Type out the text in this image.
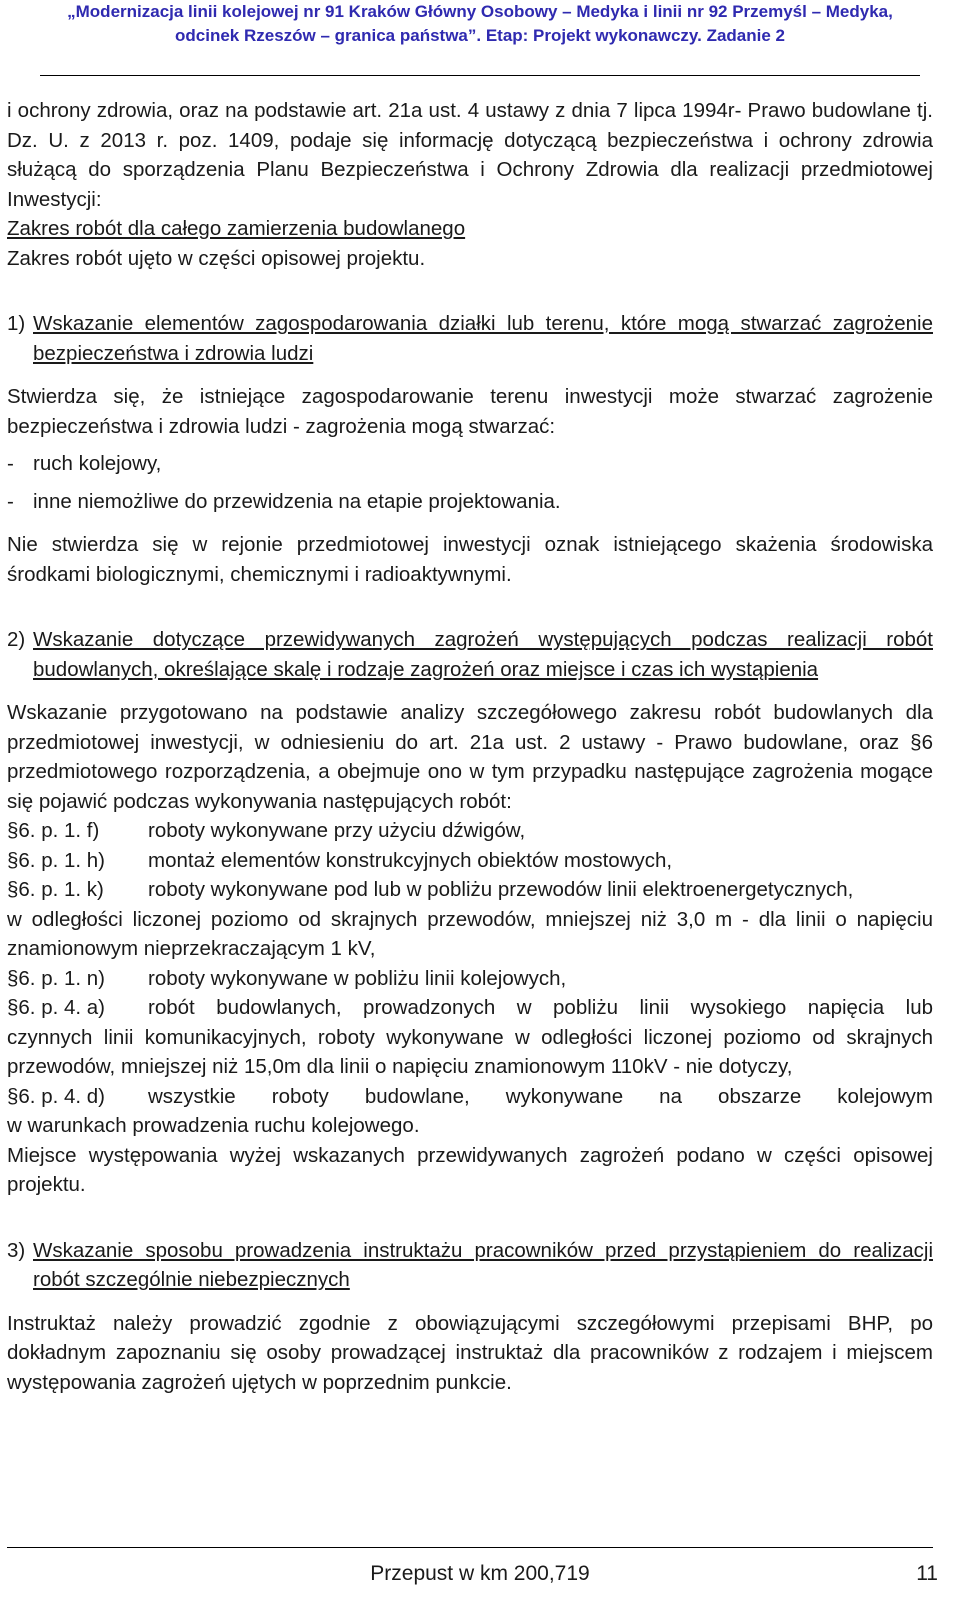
„Modernizacja linii kolejowej nr 91 Kraków Główny Osobowy – Medyka i linii nr 92 Przemyśl – Medyka,
odcinek Rzeszów – granica państwa”. Etap: Projekt wykonawczy. Zadanie 2

i ochrony zdrowia, oraz na podstawie art. 21a ust. 4 ustawy z dnia 7 lipca 1994r- Prawo budowlane tj. Dz. U. z 2013 r. poz. 1409, podaje się informację dotyczącą bezpieczeństwa i ochrony zdrowia służącą do sporządzenia Planu Bezpieczeństwa i Ochrony Zdrowia dla realizacji przedmiotowej Inwestycji:

Zakres robót dla całego zamierzenia budowlanego

Zakres robót ujęto w części opisowej projektu.

1) Wskazanie elementów zagospodarowania działki lub terenu, które mogą stwarzać zagrożenie bezpieczeństwa i zdrowia ludzi

Stwierdza się, że istniejące zagospodarowanie terenu inwestycji może stwarzać zagrożenie bezpieczeństwa i zdrowia ludzi - zagrożenia mogą stwarzać:

- ruch kolejowy,
- inne niemożliwe do przewidzenia na etapie projektowania.

Nie stwierdza się w rejonie przedmiotowej inwestycji oznak istniejącego skażenia środowiska środkami biologicznymi, chemicznymi i radioaktywnymi.

2) Wskazanie dotyczące przewidywanych zagrożeń występujących podczas realizacji robót budowlanych, określające skalę i rodzaje zagrożeń oraz miejsce i czas ich wystąpienia

Wskazanie przygotowano na podstawie analizy szczegółowego zakresu robót budowlanych dla przedmiotowej inwestycji, w odniesieniu do art. 21a ust. 2 ustawy - Prawo budowlane, oraz §6 przedmiotowego rozporządzenia, a obejmuje ono w tym przypadku następujące zagrożenia mogące się pojawić podczas wykonywania następujących robót:

§6. p. 1. f)	roboty wykonywane przy użyciu dźwigów,
§6. p. 1. h)	montaż elementów konstrukcyjnych obiektów mostowych,
§6. p. 1. k)	roboty wykonywane pod lub w pobliżu przewodów linii elektroenergetycznych,

w odległości liczonej poziomo od skrajnych przewodów, mniejszej niż 3,0 m - dla linii o napięciu znamionowym nieprzekraczającym 1 kV,

§6. p. 1. n)	roboty wykonywane w pobliżu linii kolejowych,
§6. p. 4. a)	robót budowlanych, prowadzonych w pobliżu linii wysokiego napięcia lub

czynnych linii komunikacyjnych, roboty wykonywane w odległości liczonej poziomo od skrajnych przewodów, mniejszej niż 15,0m dla linii o napięciu znamionowym 110kV - nie dotyczy,

§6. p. 4. d)	wszystkie roboty budowlane, wykonywane na obszarze kolejowym

w warunkach prowadzenia ruchu kolejowego.

Miejsce występowania wyżej wskazanych przewidywanych zagrożeń podano w części opisowej projektu.

3) Wskazanie sposobu prowadzenia instruktażu pracowników przed przystąpieniem do realizacji robót szczególnie niebezpiecznych

Instruktaż należy prowadzić zgodnie z obowiązującymi szczegółowymi przepisami BHP, po dokładnym zapoznaniu się osoby prowadzącej instruktaż dla pracowników z rodzajem i miejscem występowania zagrożeń ujętych w poprzednim punkcie.

Przepust w km 200,719	11
